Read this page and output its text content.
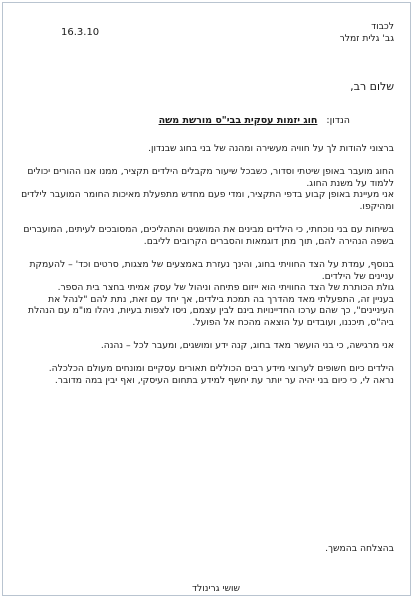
16.3.10
לכבוד
גב' גלית זמלר
שלום רב,
הנדון: חוג יזמות עסקית בבי"ס מורשת משה

ברצוני להודות לך על חוויה מעשירה ומהנה של בני בחוג שבנדון.

החוג מועבר באופן שיטתי וסדור, כשבכל שיעור מקבלים הילדים תקציר, ממנו אנו ההורים יכולים ללמוד על משנת החוג.
אני מעיינת באופן קבוע בדפי התקציר, ומדי פעם מחדש מתפעלת מאיכות החומר המועבר לילדים ומהיקפו.

בשיחות עם בני נוכחתי, כי הילדים מבינים את המושגים והתהליכים, המסובכים לעיתים, המועברים בשפה הנהירה להם, תוך מתן דוגמאות והסברים הקרובים לליבם.

בנוסף, עמדת על הצד החוויתי בחוג, והינך נעזרת באמצעים של מצגות, סרטים וכד' – להעמקת עניינים של הילדים.
גולת הכותרת של הצד החוויתי הוא ייזום פתיחה וניהול של עסק אמיתי בחצר בית הספר.
בעניין זה, התפעלתי מאד מהדרך בה תמכת בילדים, אך יחד עם זאת, נתת להם "לנהל את העיניינים", כך שהם ערכו החדיינויות בינם לבין עצמם, ניסו לצפות בעיות, ניהלו מו"מ עם הנהלת ביה"ס, תיכננו, ועובדים על הוצאה מהכח אל הפועל.

אני מרגישה, כי בני הועשר מאד בחוג, קנה ידע ומושגים, ומעבר לכל – נהנה.

הילדים כיום חשופים לערוצי מידע רבים הכוללים תאורים עסקיים ומונחים מעולם הכלכלה.
נראה לי, כי כיום בני יהיה ער יותר עת יחשף למידע בתחום העיסקי, ואף יבין במה מדובר.

בהצלחה בהמשך.
שושי גרינולד
